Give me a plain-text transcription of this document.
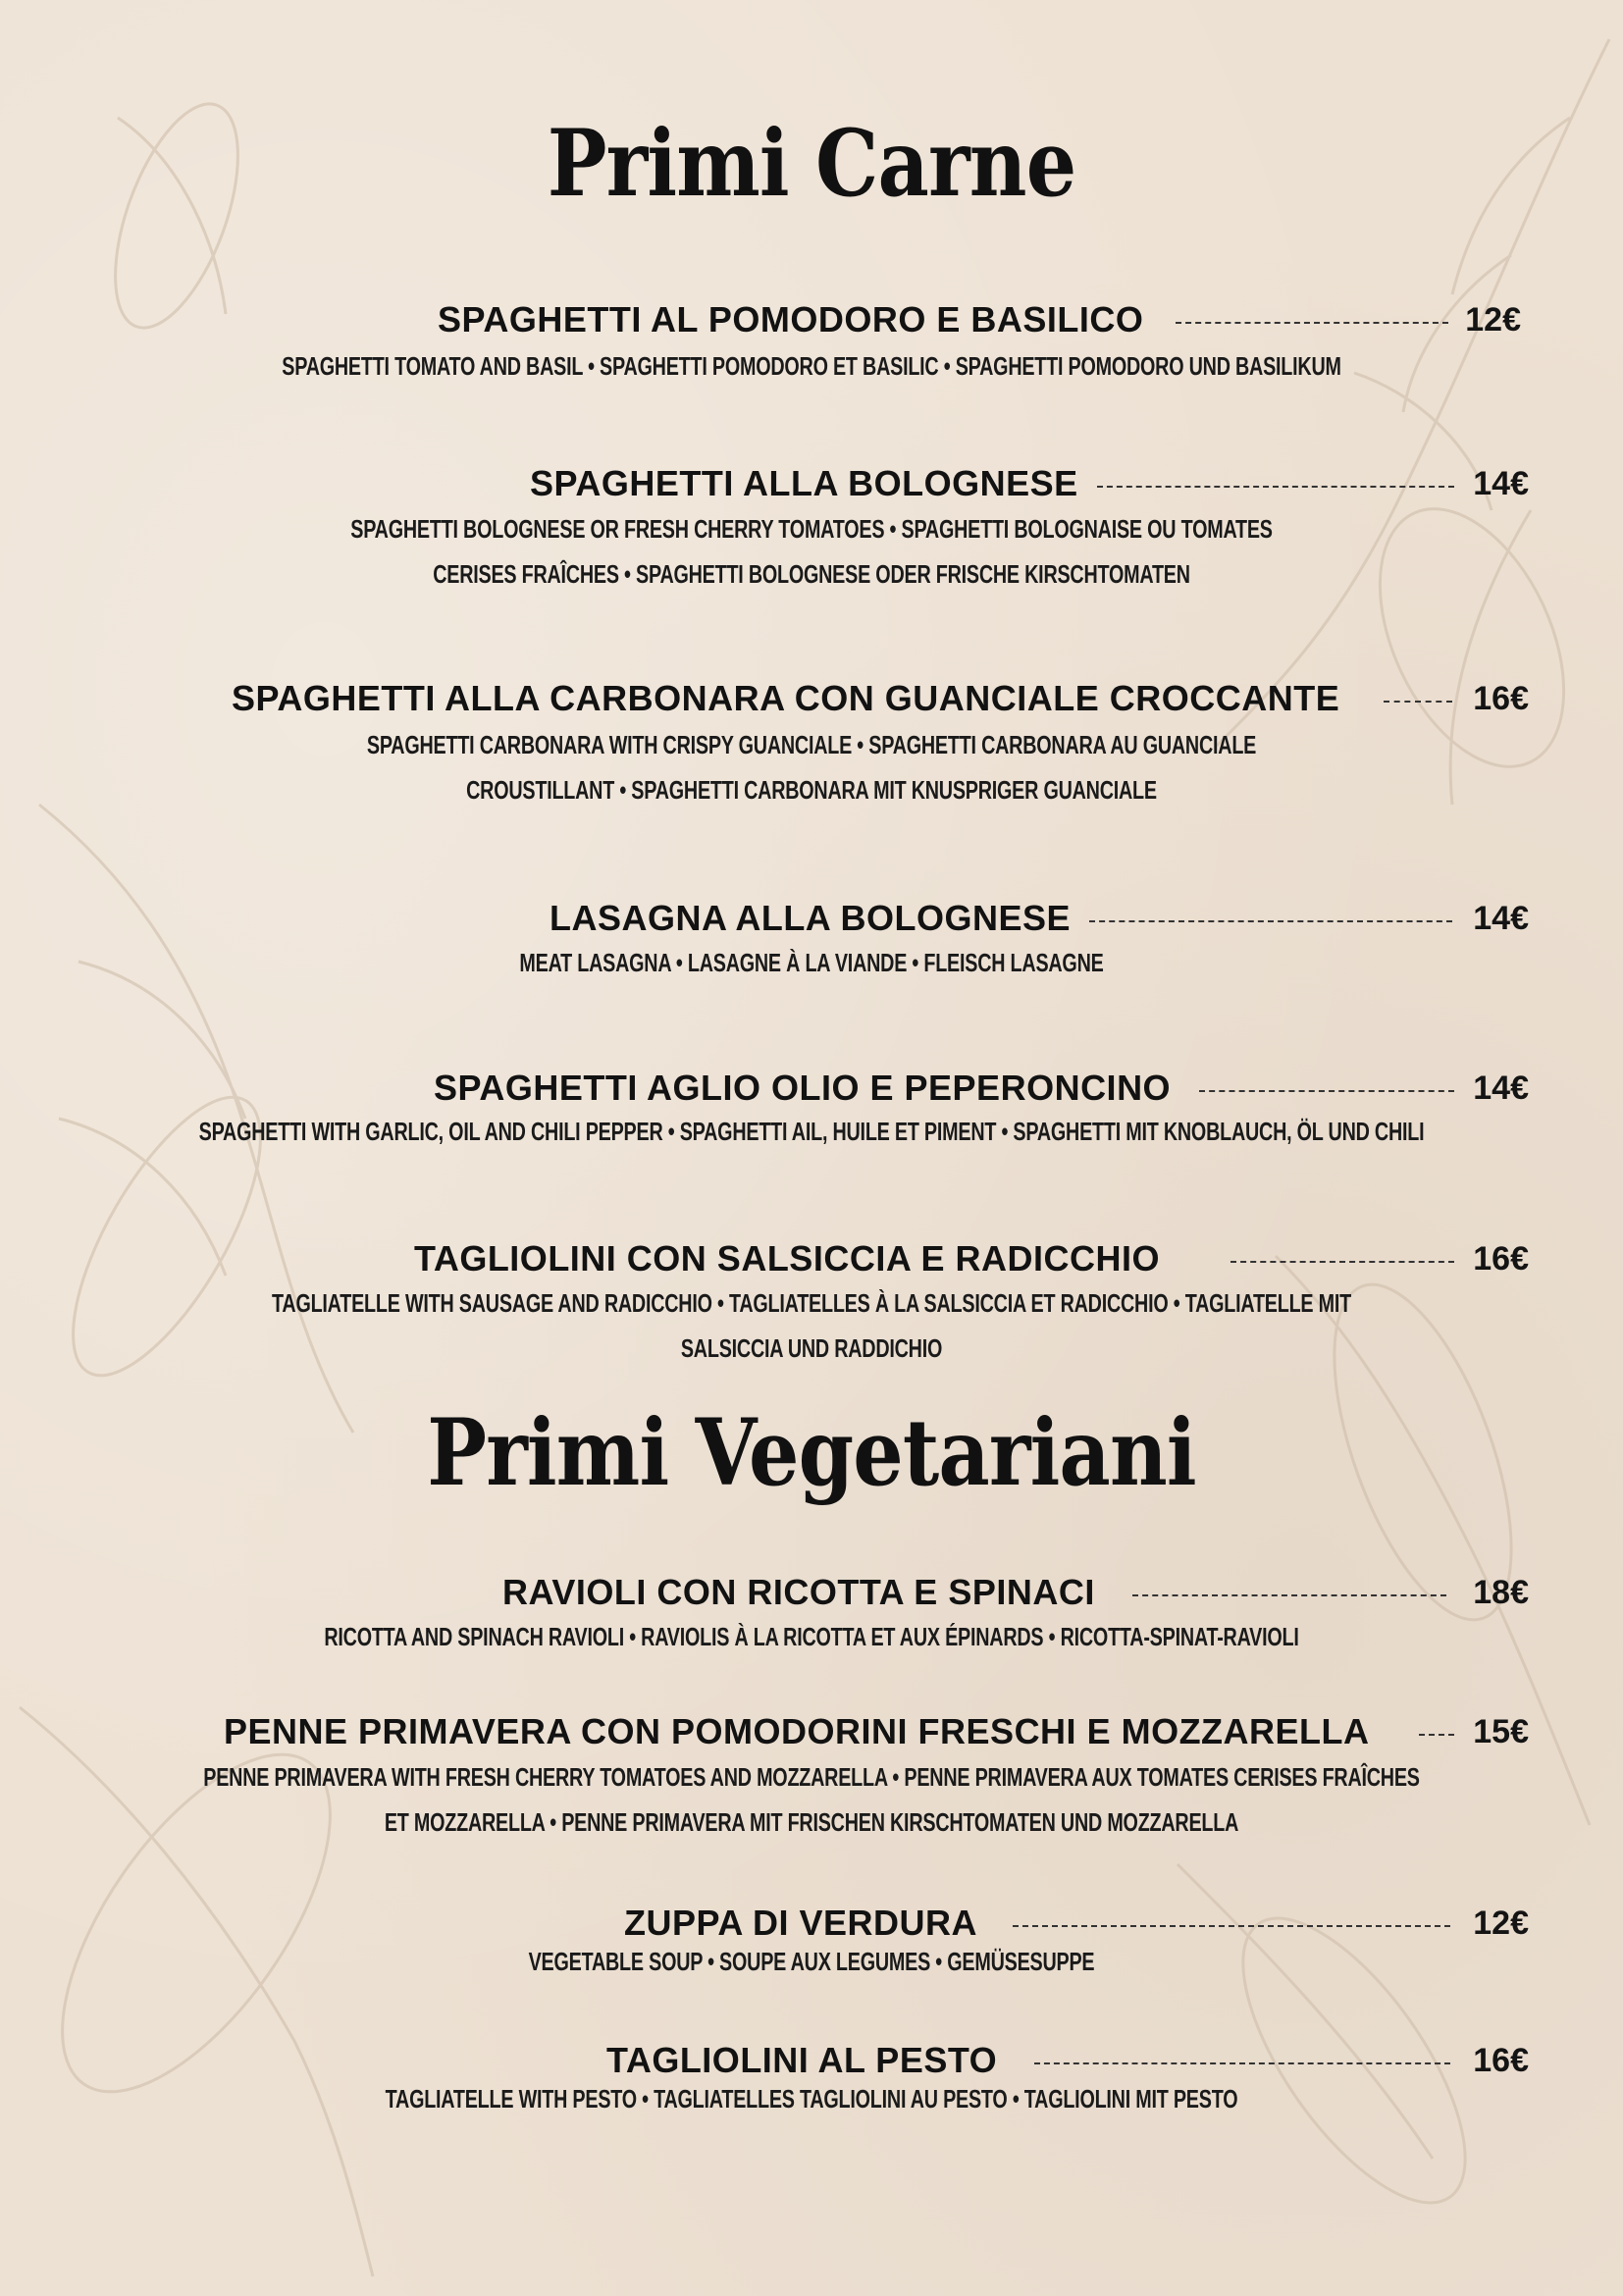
Primi Carne
SPAGHETTI AL POMODORO E BASILICO	12€
SPAGHETTI TOMATO AND BASIL • SPAGHETTI POMODORO ET BASILIC • SPAGHETTI POMODORO UND BASILIKUM
SPAGHETTI ALLA BOLOGNESE	14€
SPAGHETTI BOLOGNESE OR FRESH CHERRY TOMATOES • SPAGHETTI BOLOGNAISE OU TOMATES
CERISES FRAÎCHES • SPAGHETTI BOLOGNESE ODER FRISCHE KIRSCHTOMATEN
SPAGHETTI ALLA CARBONARA CON GUANCIALE CROCCANTE	16€
SPAGHETTI CARBONARA WITH CRISPY GUANCIALE • SPAGHETTI CARBONARA AU GUANCIALE
CROUSTILLANT • SPAGHETTI CARBONARA MIT KNUSPRIGER GUANCIALE
LASAGNA ALLA BOLOGNESE	14€
MEAT LASAGNA • LASAGNE À LA VIANDE • FLEISCH LASAGNE
SPAGHETTI AGLIO OLIO E PEPERONCINO	14€
SPAGHETTI WITH GARLIC, OIL AND CHILI PEPPER • SPAGHETTI AIL, HUILE ET PIMENT • SPAGHETTI MIT KNOBLAUCH, ÖL UND CHILI
TAGLIOLINI CON SALSICCIA E RADICCHIO	16€
TAGLIATELLE WITH SAUSAGE AND RADICCHIO • TAGLIATELLES À LA SALSICCIA ET RADICCHIO • TAGLIATELLE MIT
SALSICCIA UND RADDICHIO
Primi Vegetariani
RAVIOLI CON RICOTTA E SPINACI	18€
RICOTTA AND SPINACH RAVIOLI • RAVIOLIS À LA RICOTTA ET AUX ÉPINARDS • RICOTTA-SPINAT-RAVIOLI
PENNE PRIMAVERA CON POMODORINI FRESCHI E MOZZARELLA	15€
PENNE PRIMAVERA WITH FRESH CHERRY TOMATOES AND MOZZARELLA • PENNE PRIMAVERA AUX TOMATES CERISES FRAÎCHES
ET MOZZARELLA • PENNE PRIMAVERA MIT FRISCHEN KIRSCHTOMATEN UND MOZZARELLA
ZUPPA DI VERDURA	12€
VEGETABLE SOUP • SOUPE AUX LEGUMES • GEMÜSESUPPE
TAGLIOLINI AL PESTO	16€
TAGLIATELLE WITH PESTO • TAGLIATELLES TAGLIOLINI AU PESTO • TAGLIOLINI MIT PESTO
